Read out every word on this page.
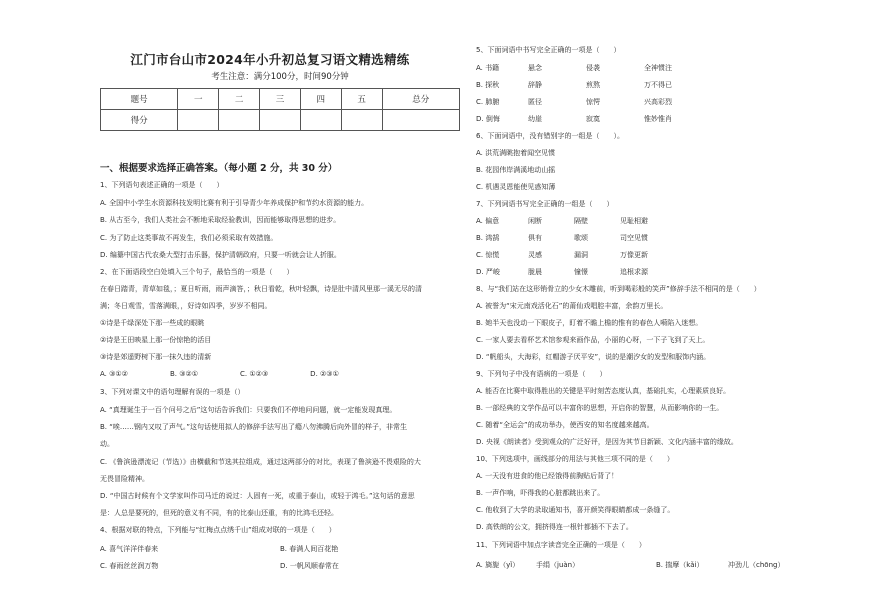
江门市台山市2024年小升初总复习语文精选精练
考生注意：满分100分，时间90分钟
题号	一	二	三	四	五	总分
得分						
一、根据要求选择正确答案。（每小题 2 分，共 30 分）
1、下列语句表述正确的一项是（　　）
A. 全国中小学生水资源科技发明比赛有利于引导青少年养成保护和节约水资源的能力。
B. 从古至今，我们人类社会不断地采取经验教训，因而能够取得思想的进步。
C. 为了防止这类事故不再发生，我们必须采取有效措施。
D. 编纂中国古代农桑大型打击乐器，保护清朝政府，只要一听就会让人折服。
2、在下面语段空白处填入三个句子，最恰当的一项是（　　）
在春日踏青，青草如毯，；夏日听雨，雨声滴答，；秋日看乾，秋叶轻飘，诗是肚中清风里那一溪无尽的清
满；冬日观雪，雪落满眼，，好诗如四季，岁岁不相同。
①诗是千绿深处下那一些成的眼眺
②诗是王田映星上那一份惊艳的活目
③诗是郊遥野树下那一抹久违的清新
A. ③①②　　　　　　B. ③②①　　　　　　C. ①②③　　　　　　D. ②③①
3、下列对课文中的语句理解有误的一项是（）
A. “真理诞生于一百个问号之后”这句话告诉我们：只要我们不停地问问题，就一定能发现真理。
B. “唉……钢内又叹了声气。”这句话使用拟人的修辞手法写出了瘾八勿沸腾后向外冒的样子，非常生
动。
C. 《鲁滨逊漂流记（节选）》由横截和节选其拉组成，通过这两部分的对比，表现了鲁滨逊不畏艰险的大
无畏冒险精神。
D. “中国古时候有个文学家叫作司马迁的说过：人固有一死，或重于泰山，或轻于鸿毛。”这句话的意思
是：人总是要死的，但死的意义有不同，有的比泰山还重，有的比鸿毛还轻。
4、根据对联的特点，下列能与“红梅点点绣千山”组成对联的一项是（　　）
A. 喜气洋洋伴春来	B. 春满人间百花艳
C. 春雨丝丝润万物	D. 一帆风顺春常在
5、下面词语中书写完全正确的一项是（　　）
A. 书籍	悬念	侵袭	全神惯注
B. 探秋	辞静	煎熬	万不得已
C. 肺腑	匿径	惊愕	兴高彩烈
D. 倒悔	幼崖	寂寞	惟妙惟肖
6、下面词语中，没有错别字的一组是（　　）。
A. 洪荒满眺抱着闻空见惯
B. 花园伟岸满溪地动山摇
C. 机遇灵恩能使见惑知薄
7、下列词语书写完全正确的一组是（　　）
A. 偏意	闲断	隔壁	见耻相避
B. 鸿鹄	俱有	歌颂	司空见惯
C. 惊慌	灵感	漏洞	万像更新
D. 严峻	胧晨	憧憬	追根求源
8、与“我们站在这形销骨立的少女木雕前，听到喝彩般的笑声”修辞手法不相同的是（　　）
A. 被誉为“宋元南戏活化石”的莆仙戏唱腔丰富，余韵万里长。
B. 她半天也没动一下眼皮子，盯着不瞻上檐的惟有的春色人嗬陷入迷想。
C. 一家人要去看杯艺术馆参观来画作品，小丽的心呀，一下子飞到了天上。
D. “帆船头，大海彩，红帽游子厌平安”，说的是潮汐女的发型和服饰内涵。
9、下列句子中没有语病的一项是（　　）
A. 能否在比赛中取得胜出的关键是平时刻苦态度认真，基础扎实，心理素质良好。
B. 一部经典的文学作品可以丰富你的思想，开启你的智慧，从而影响你的一生。
C. 随着“全运会”的成功举办，使西安的知名度越来越高。
D. 央视《朗读者》受到观众的广泛好评，是因为其节目新颖、文化内涵丰富的缘故。
10、下列选项中，画线部分的用法与其他三项不同的是（　　）
A. 一天没有进食的他已经饿得前胸贴后背了！
B. 一声作响，吓得我的心脏都跳出来了。
C. 他收到了大学的录取通知书，喜开颜笑得眼睛都成一条缝了。
D. 高铁朗的公文，拥挤得连一根针都插不下去了。
11、下列词语中加点字读音完全正确的一项是（　　）
A. 旖旎（yǐ） 手绢（juàn）	B. 揣摩（kǎi）	冲劲儿（chōng）
